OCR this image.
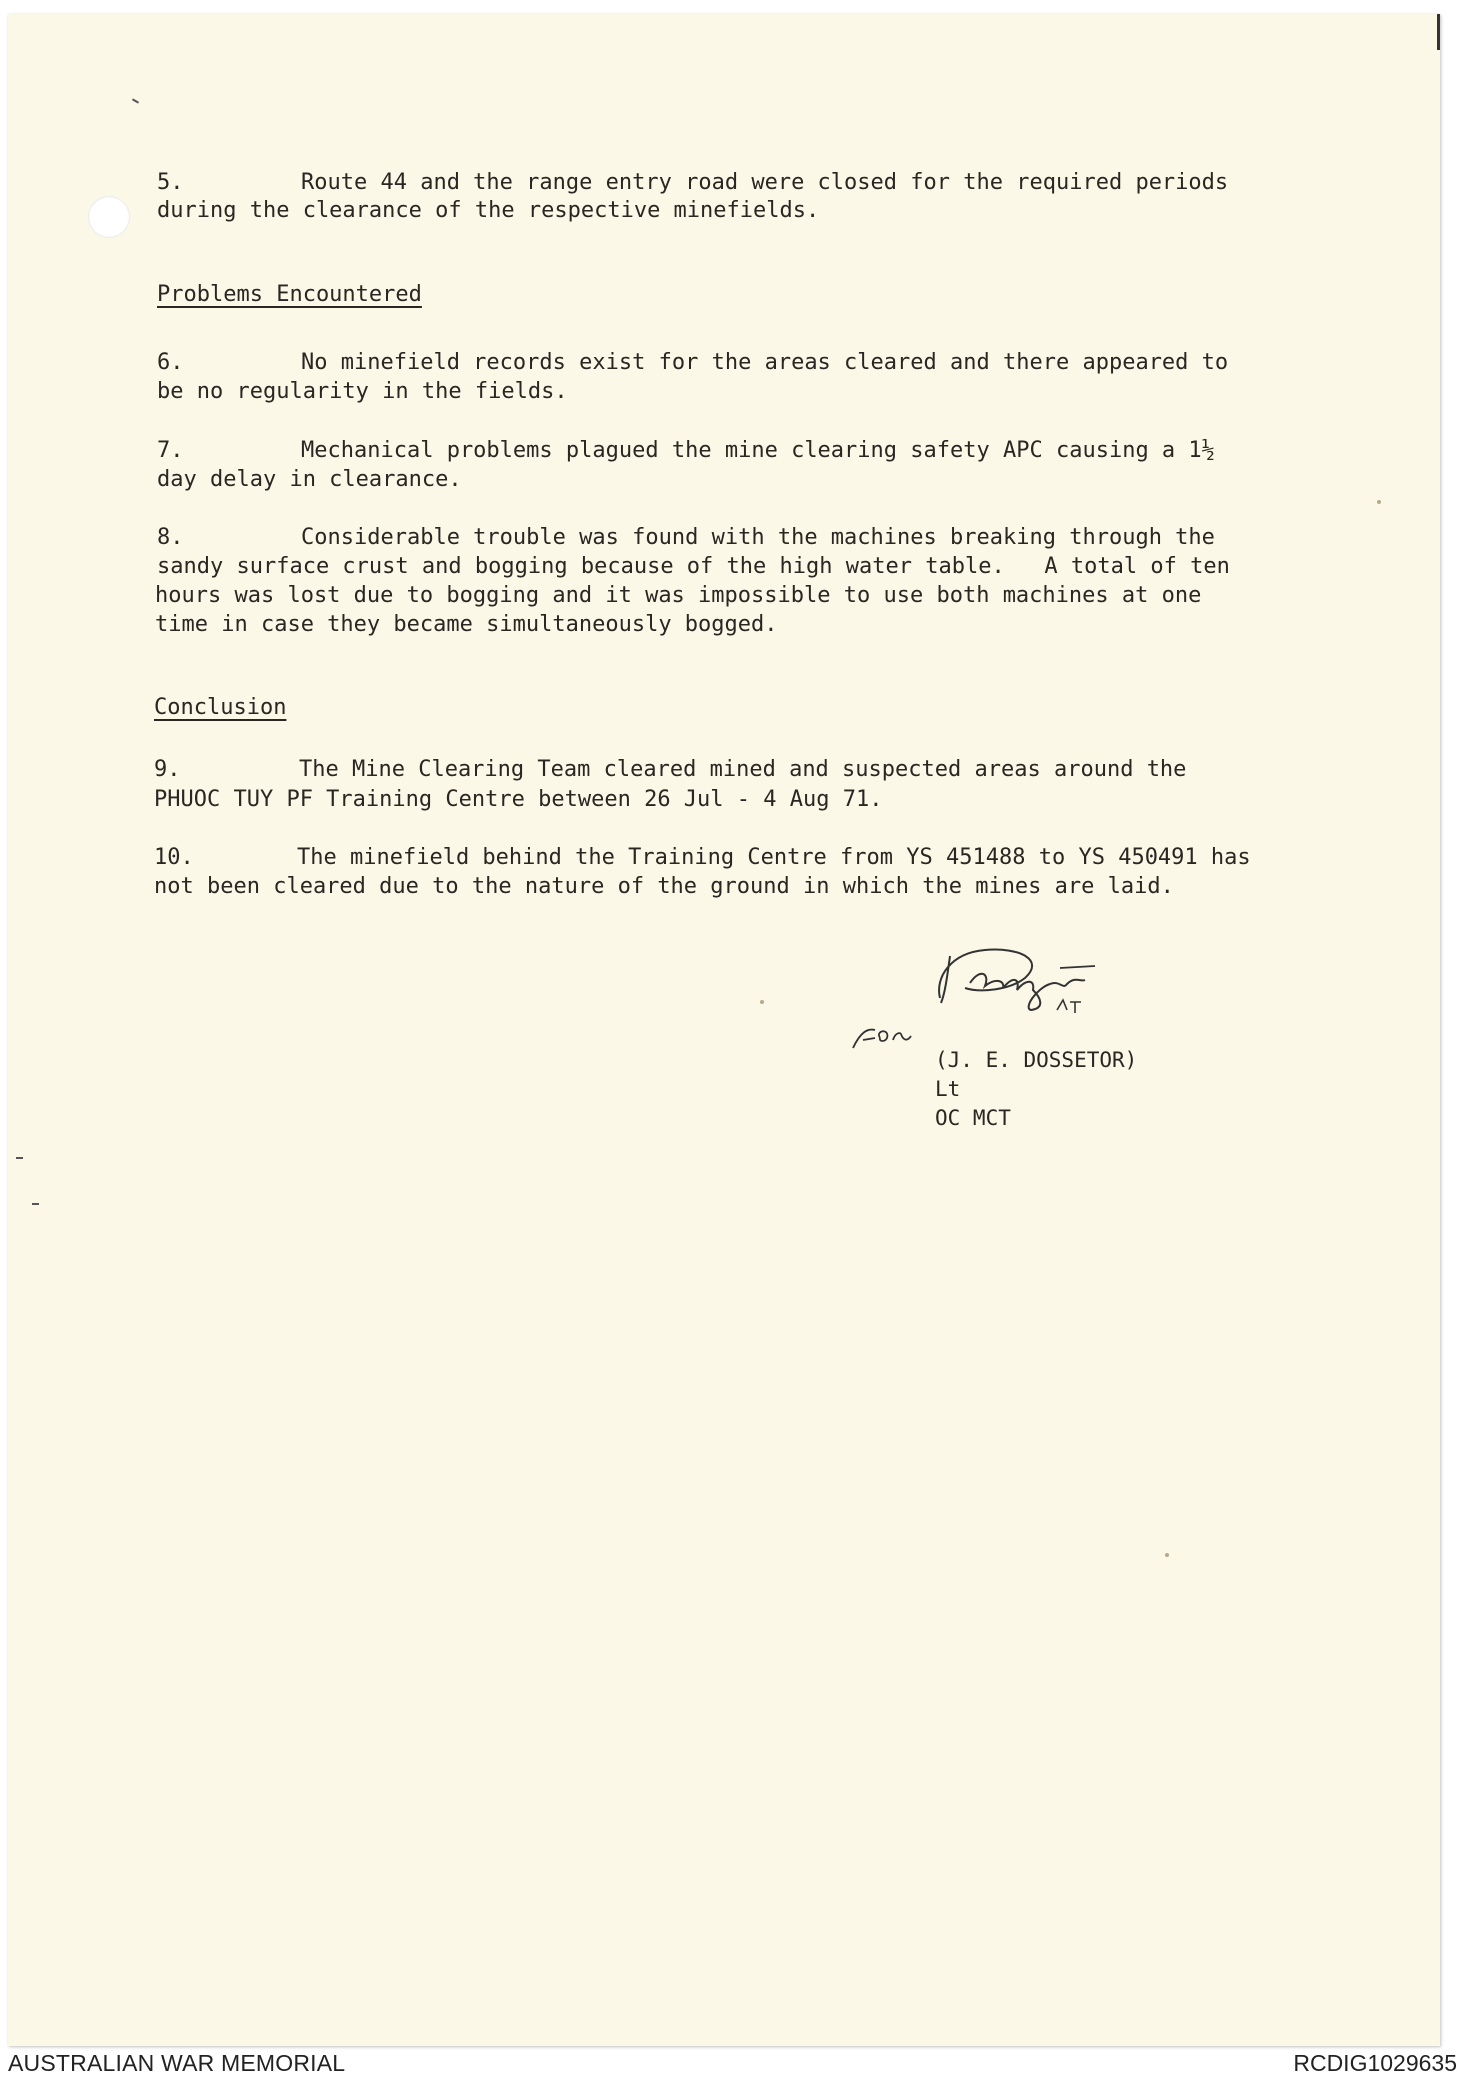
5.	Route 44 and the range entry road were closed for the required periods
during the clearance of the respective minefields.
Problems Encountered
6.	No minefield records exist for the areas cleared and there appeared to
be no regularity in the fields.
7.	Mechanical problems plagued the mine clearing safety APC causing a 1½
day delay in clearance.
8.	Considerable trouble was found with the machines breaking through the
sandy surface crust and bogging because of the high water table.   A total of ten
hours was lost due to bogging and it was impossible to use both machines at one
time in case they became simultaneously bogged.
Conclusion
9.	The Mine Clearing Team cleared mined and suspected areas around the
PHUOC TUY PF Training Centre between 26 Jul - 4 Aug 71.
10.	The minefield behind the Training Centre from YS 451488 to YS 450491 has
not been cleared due to the nature of the ground in which the mines are laid.
(J. E. DOSSETOR)
Lt
OC MCT
AUSTRALIAN WAR MEMORIAL	RCDIG1029635
